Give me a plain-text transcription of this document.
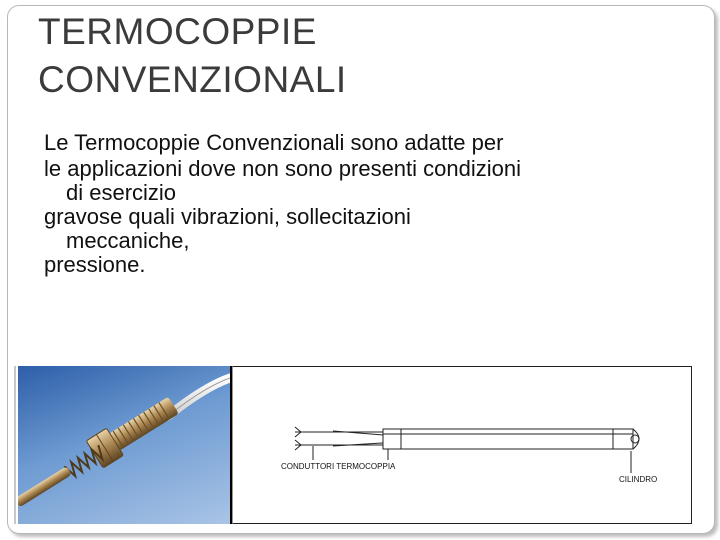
TERMOCOPPIE
CONVENZIONALI
Le Termocoppie Convenzionali sono adatte per
le applicazioni dove non sono presenti condizioni
di esercizio
gravose quali vibrazioni, sollecitazioni
meccaniche,
pressione.
CONDUTTORI TERMOCOPPIA
CILINDRO
